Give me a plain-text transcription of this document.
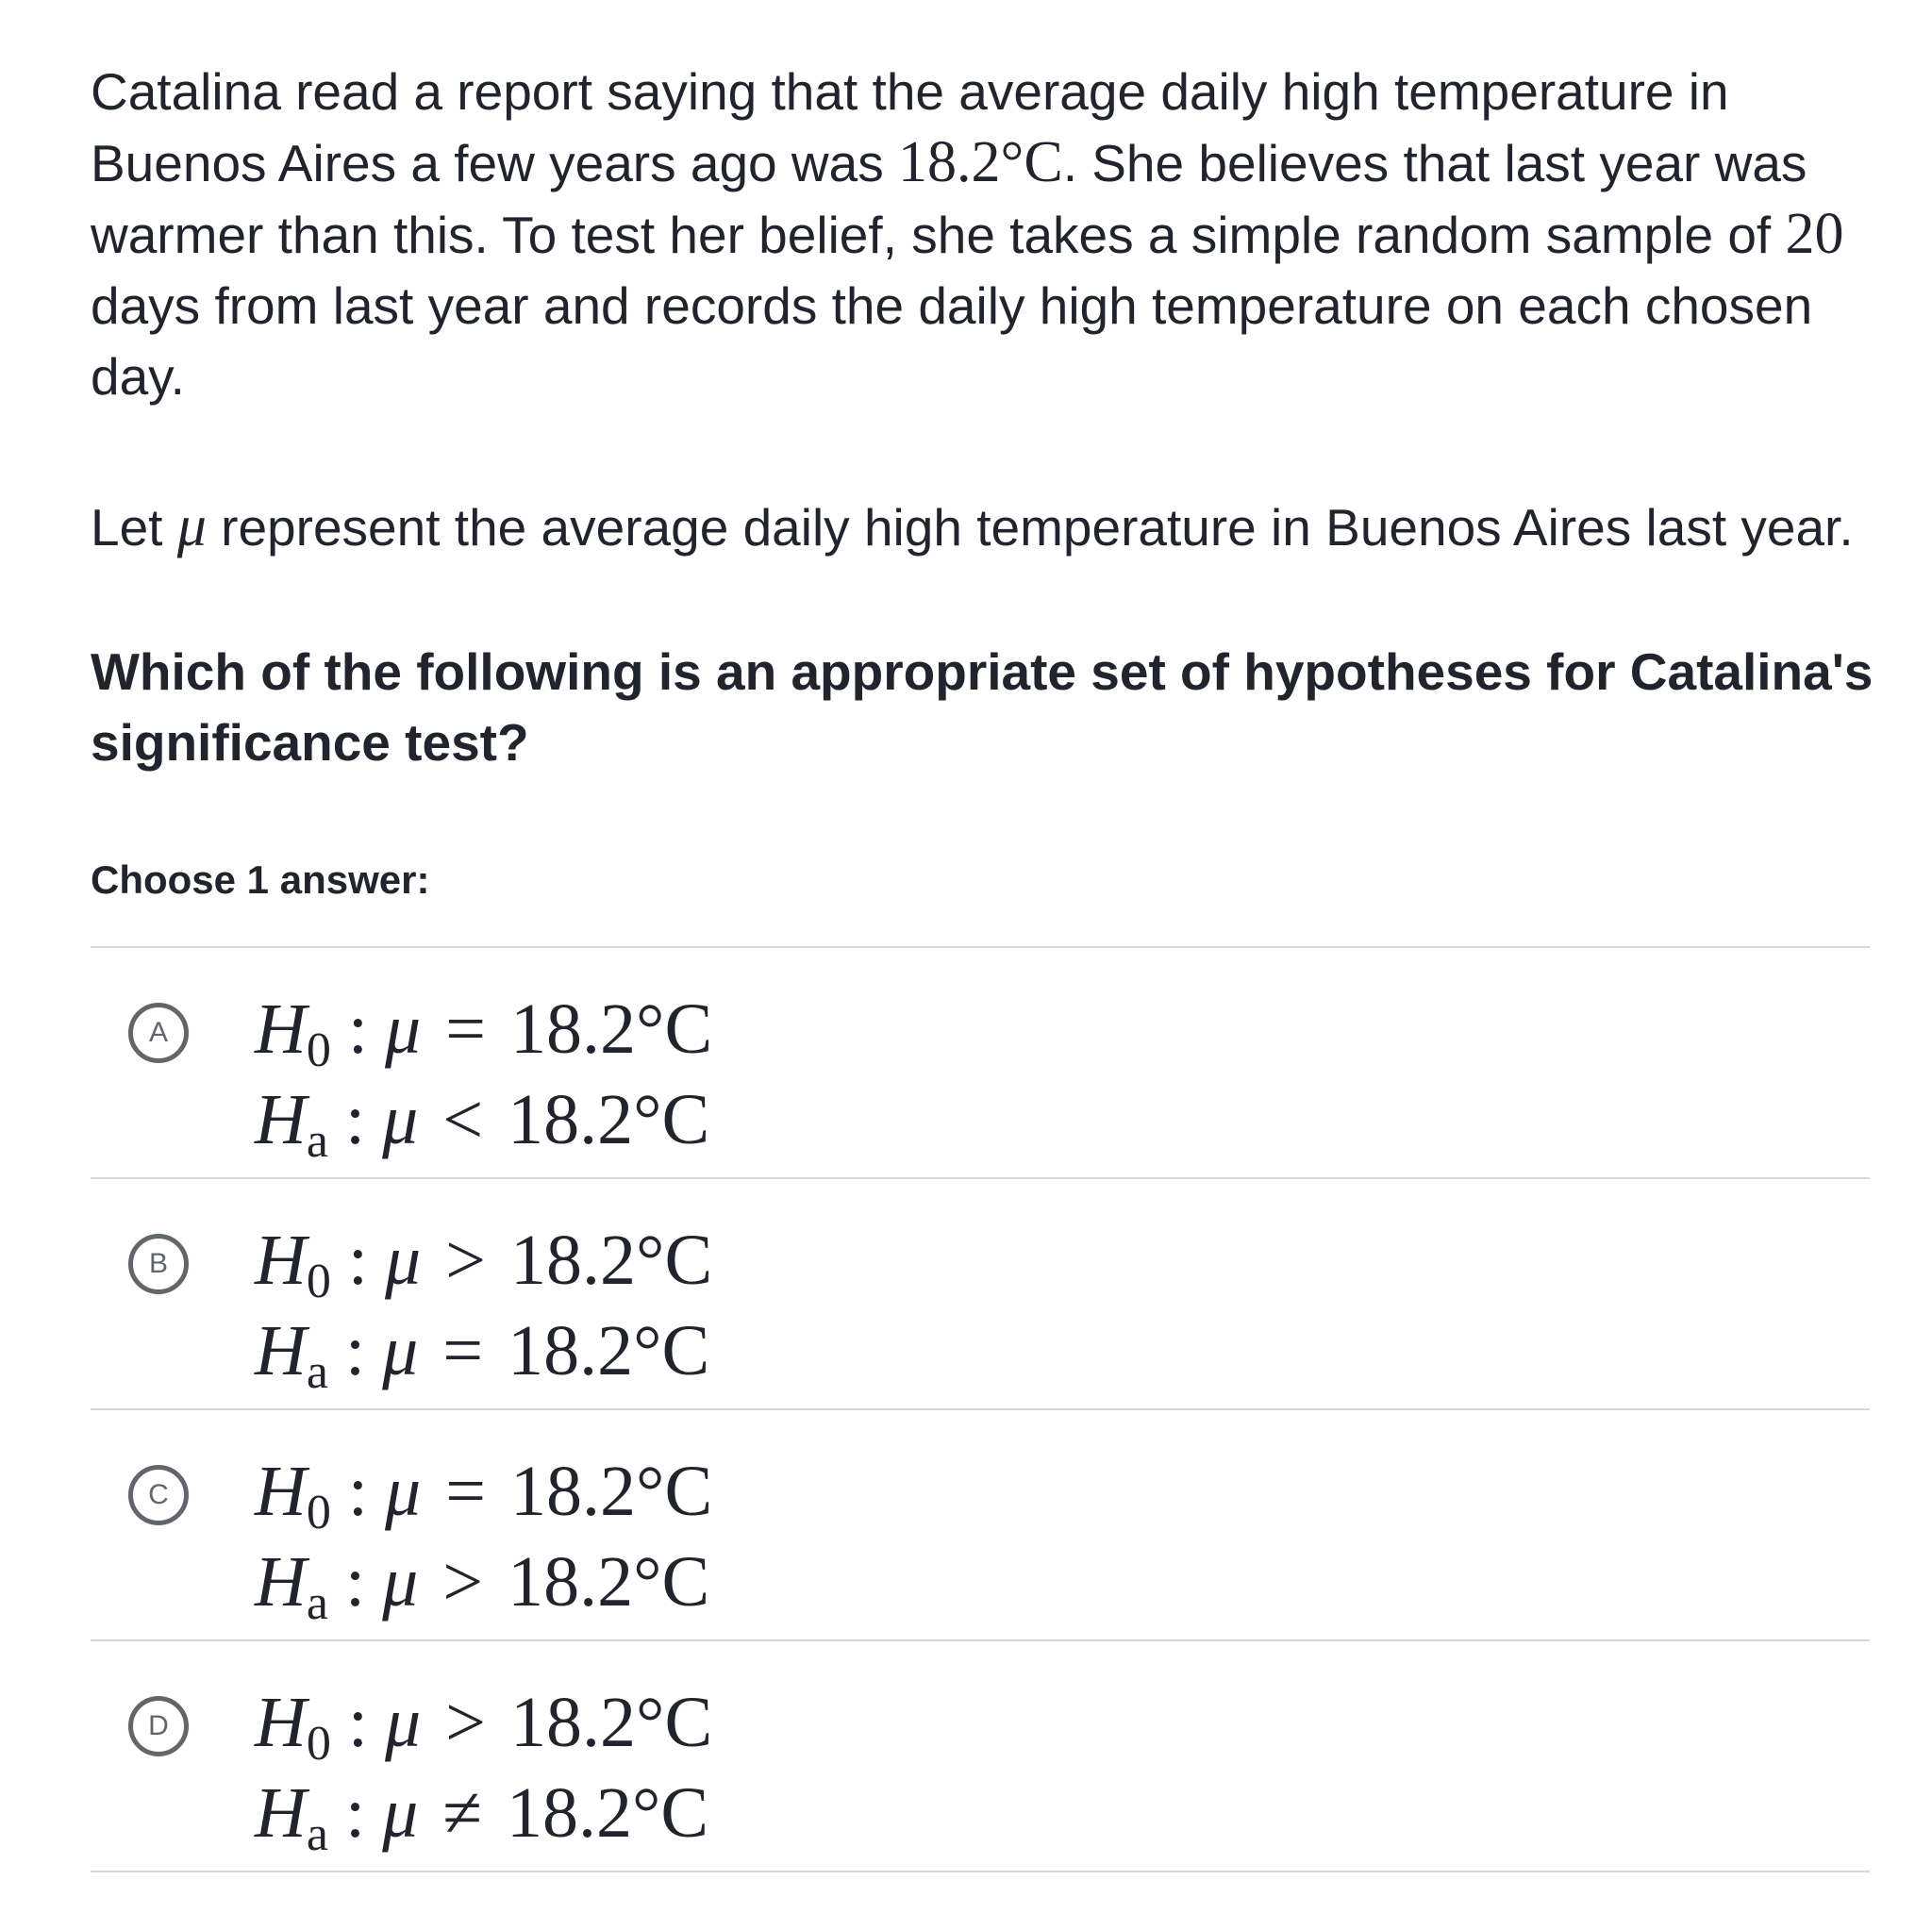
Catalina read a report saying that the average daily high temperature in Buenos Aires a few years ago was 18.2°C. She believes that last year was warmer than this. To test her belief, she takes a simple random sample of 20 days from last year and records the daily high temperature on each chosen day.

Let μ represent the average daily high temperature in Buenos Aires last year.

Which of the following is an appropriate set of hypotheses for Catalina's significance test?

Choose 1 answer:

A $H_0$ : μ = 18.2°C
$H_a$ : μ < 18.2°C
B $H_0$ : μ > 18.2°C
$H_a$ : μ = 18.2°C
C $H_0$ : μ = 18.2°C
$H_a$ : μ > 18.2°C
D $H_0$ : μ > 18.2°C
$H_a$ : μ ≠ 18.2°C
